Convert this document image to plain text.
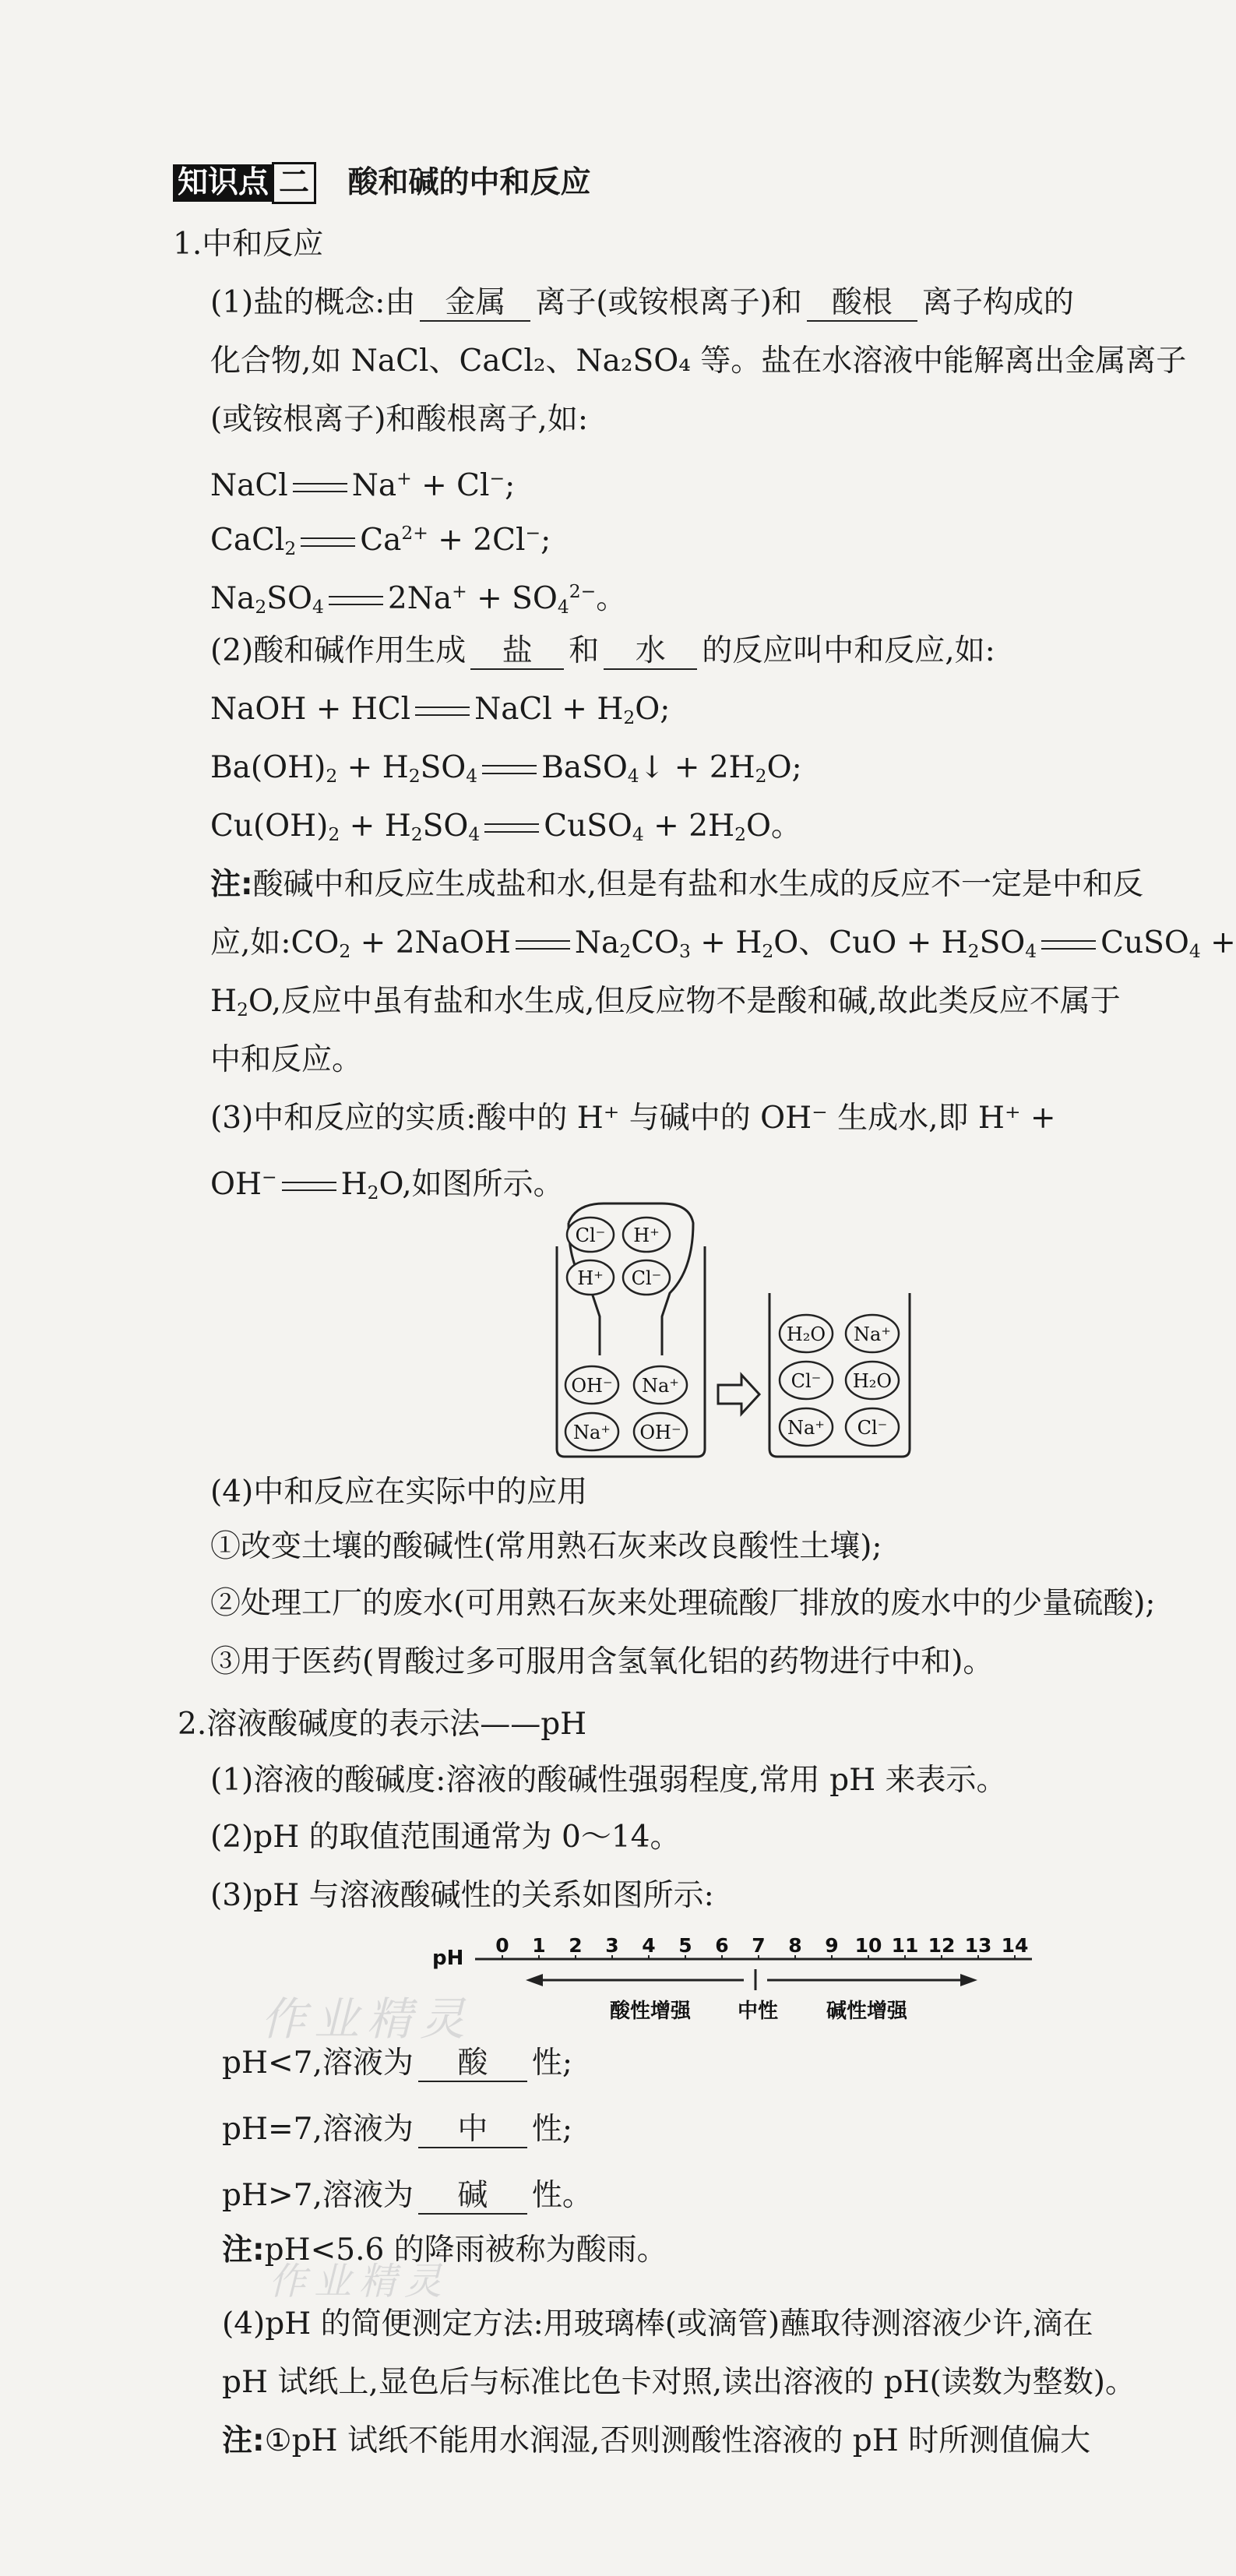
知识点 二 酸和碱的中和反应
1.中和反应
(1)盐的概念:由 金属 离子(或铵根离子)和 酸根 离子构成的
化合物,如 NaCl、CaCl₂、Na₂SO₄ 等。盐在水溶液中能解离出金属离子
(或铵根离子)和酸根离子,如:
NaCl Na+ + Cl−;
CaCl$_2$ $Ca^{2+} + 2Cl^-$;
$Na_2SO_4$ $2Na^+ + SO_4^{2-}$。
(2)酸和碱作用生成 盐 和 水 的反应叫中和反应,如:
NaOH + HCl NaCl + $H_2O$;
$Ba(OH)_2 + H_2SO_4$ BaSO$_4$↓ + $2H_2O$;
$Cu(OH)_2 + H_2SO_4$ CuSO$_4$ + $2H_2O$。
注:酸碱中和反应生成盐和水,但是有盐和水生成的反应不一定是中和反
应,如$:CO_2$ + 2NaOH $Na_2CO_3 + H_2O$、CuO + $H_2SO_4$ CuSO$_4$ +
$H_2O$,反应中虽有盐和水生成,但反应物不是酸和碱,故此类反应不属于
中和反应。
(3)中和反应的实质:酸中的 H⁺ 与碱中的 OH⁻ 生成水,即 H⁺ +
OH− $H_2O$,如图所示。
Cl⁻ H⁺
H⁺ Cl⁻
OH⁻ Na⁺
Na⁺ OH⁻
H₂O Na⁺
Cl⁻ H₂O
Na⁺ Cl⁻
(4)中和反应在实际中的应用
①改变土壤的酸碱性(常用熟石灰来改良酸性土壤);
②处理工厂的废水(可用熟石灰来处理硫酸厂排放的废水中的少量硫酸);
③用于医药(胃酸过多可服用含氢氧化铝的药物进行中和)。
2.溶液酸碱度的表示法——pH
(1)溶液的酸碱度:溶液的酸碱性强弱程度,常用 pH 来表示。
(2)pH 的取值范围通常为 0～14。
(3)pH 与溶液酸碱性的关系如图所示:
pH
0 1 2 3 4 5 6 7 8 9 10 11 12 13 14
酸性增强 中性 碱性增强
作业精灵
pH<7,溶液为 酸 性;
pH=7,溶液为 中 性;
pH>7,溶液为 碱 性。
注:pH<5.6 的降雨被称为酸雨。
作业精灵
(4)pH 的简便测定方法:用玻璃棒(或滴管)蘸取待测溶液少许,滴在
pH 试纸上,显色后与标准比色卡对照,读出溶液的 pH(读数为整数)。
注:①pH 试纸不能用水润湿,否则测酸性溶液的 pH 时所测值偏大
